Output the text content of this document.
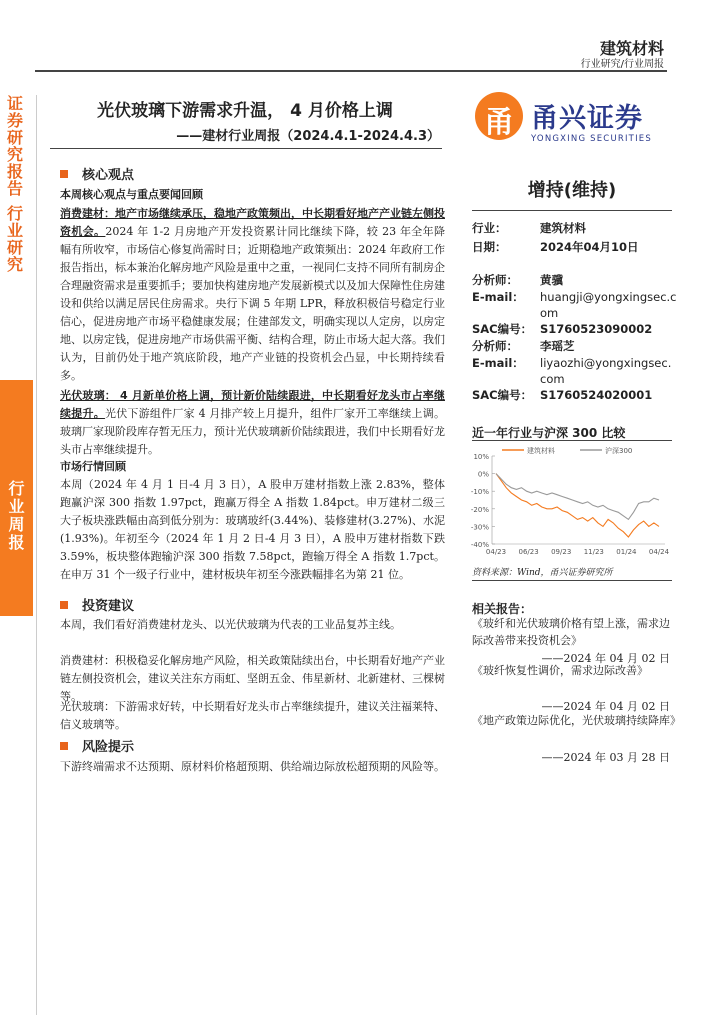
建筑材料
行业研究/行业周报
证
券
研
究
报
告

行
业
研
究
行
业
周
报
光伏玻璃下游需求升温， 4 月价格上调
——建材行业周报（2024.4.1-2024.4.3）	甬 甬兴证券
YONGXING SECURITIES
核心观点
本周核心观点与重点要闻回顾
消费建材：地产市场继续承压，稳地产政策频出，中长期看好地产产业链左侧投资机会。2024 年 1-2 月房地产开发投资累计同比继续下降，较 23 年全年降幅有所收窄，市场信心修复尚需时日；近期稳地产政策频出：2024 年政府工作报告指出，标本兼治化解房地产风险是重中之重，一视同仁支持不同所有制房企合理融资需求是重要抓手；要加快构建房地产发展新模式以及加大保障性住房建设和供给以满足居民住房需求。央行下调 5 年期 LPR，释放积极信号稳定行业信心，促进房地产市场平稳健康发展；住建部发文，明确实现以人定房，以房定地、以房定钱，促进房地产市场供需平衡、结构合理，防止市场大起大落。我们认为，目前仍处于地产筑底阶段，地产产业链的投资机会凸显，中长期持续看多。
光伏玻璃： 4 月新单价格上调，预计新价陆续跟进，中长期看好龙头市占率继续提升。光伏下游组件厂家 4 月排产较上月提升，组件厂家开工率继续上调。玻璃厂家现阶段库存暂无压力，预计光伏玻璃新价陆续跟进，我们中长期看好龙头市占率继续提升。
市场行情回顾
本周（2024 年 4 月 1 日-4 月 3 日），A 股申万建材指数上涨 2.83%，整体跑赢沪深 300 指数 1.97pct，跑赢万得全 A 指数 1.84pct。申万建材二级三大子板块涨跌幅由高到低分别为：玻璃玻纤(3.44%)、装修建材(3.27%)、水泥(1.93%)。年初至今（2024 年 1 月 2 日-4 月 3 日），A 股申万建材指数下跌 3.59%，板块整体跑输沪深 300 指数 7.58pct，跑输万得全 A 指数 1.7pct。在申万 31 个一级子行业中，建材板块年初至今涨跌幅排名为第 21 位。
投资建议
本周，我们看好消费建材龙头、以光伏玻璃为代表的工业品复苏主线。
消费建材：积极稳妥化解房地产风险，相关政策陆续出台，中长期看好地产产业链左侧投资机会，建议关注东方雨虹、坚朗五金、伟星新材、北新建材、三棵树等。
光伏玻璃：下游需求好转，中长期看好龙头市占率继续提升，建议关注福莱特、信义玻璃等。
风险提示
下游终端需求不达预期、原材料价格超预期、供给端边际放松超预期的风险等。
增持(维持)
行业：	建筑材料
日期：	2024年04月10日
分析师：	黄骥
E-mail：	huangji@yongxingsec.com
SAC编号： S1760523090002
分析师：	李瑶芝
E-mail：	liyaozhi@yongxingsec.com
SAC编号： S1760524020001
近一年行业与沪深 300 比较
10%
0%
-10%
-20%
-30%
-40%
04/23 06/23 09/23 11/23 01/24 04/24
建筑材料	沪深300
资料来源：Wind，甬兴证券研究所
相关报告：
《玻纤和光伏玻璃价格有望上涨，需求边际改善带来投资机会》
——2024 年 04 月 02 日
《玻纤恢复性调价，需求边际改善》
——2024 年 04 月 02 日
《地产政策边际优化，光伏玻璃持续降库》
——2024 年 03 月 28 日
